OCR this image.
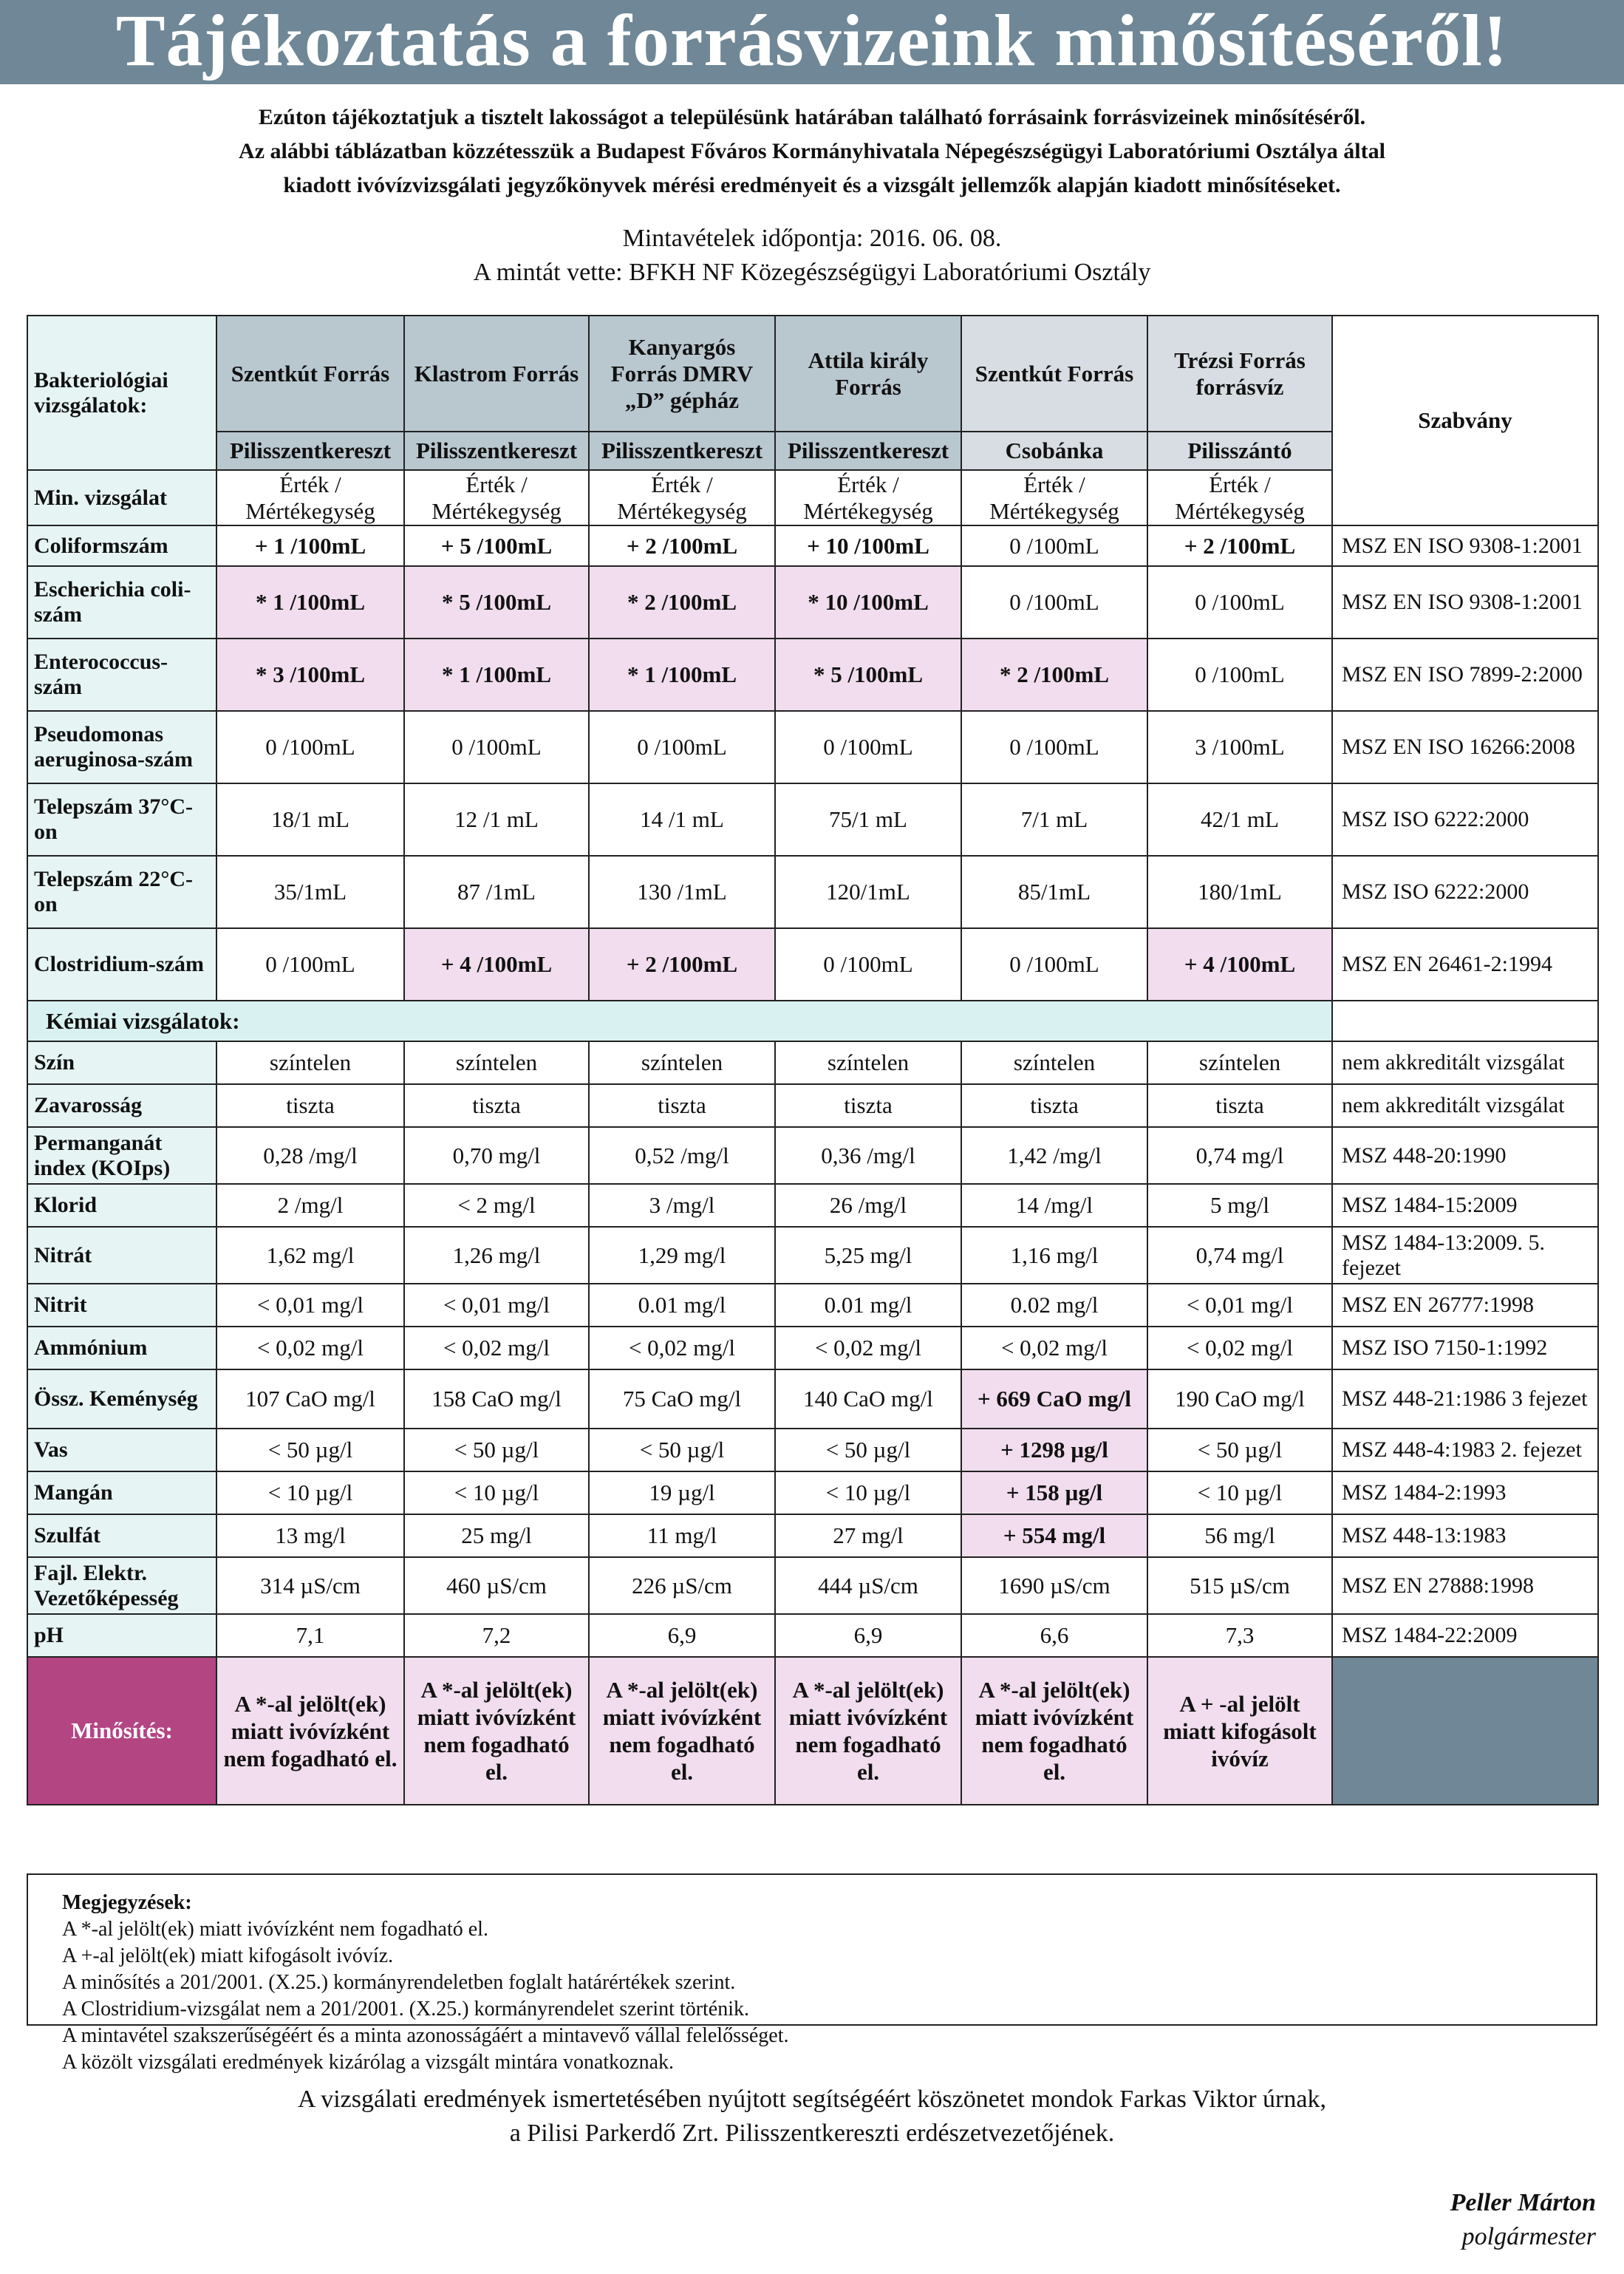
Tájékoztatás a forrásvizeink minősítéséről!
Ezúton tájékoztatjuk a tisztelt lakosságot a településünk határában található forrásaink forrásvizeinek minősítéséről.
Az alábbi táblázatban közzétesszük a Budapest Főváros Kormányhivatala Népegészségügyi Laboratóriumi Osztálya által
kiadott ivóvízvizsgálati jegyzőkönyvek mérési eredményeit és a vizsgált jellemzők alapján kiadott minősítéseket.
Mintavételek időpontja: 2016. 06. 08.
A mintát vette: BFKH NF Közegészségügyi Laboratóriumi Osztály
Bakteriológiai vizsgálatok:	Szentkút Forrás	Klastrom Forrás	Kanyargós Forrás DMRV „D” gépház	Attila király Forrás	Szentkút Forrás	Trézsi Forrás forrásvíz	Szabvány
	Pilisszentkereszt	Pilisszentkereszt	Pilisszentkereszt	Pilisszentkereszt	Csobánka	Pilisszántó	
Min. vizsgálat	Érték / Mértékegység	Érték / Mértékegység	Érték / Mértékegység	Érték / Mértékegység	Érték / Mértékegység	Érték / Mértékegység	
Coliformszám	+ 1 /100mL	+ 5 /100mL	+ 2 /100mL	+ 10 /100mL	0 /100mL	+ 2 /100mL	MSZ EN ISO 9308-1:2001
Escherichia coli-szám	* 1 /100mL	* 5 /100mL	* 2 /100mL	* 10 /100mL	0 /100mL	0 /100mL	MSZ EN ISO 9308-1:2001
Enterococcus-szám	* 3 /100mL	* 1 /100mL	* 1 /100mL	* 5 /100mL	* 2 /100mL	0 /100mL	MSZ EN ISO 7899-2:2000
Pseudomonas aeruginosa-szám	0 /100mL	0 /100mL	0 /100mL	0 /100mL	0 /100mL	3 /100mL	MSZ EN ISO 16266:2008
Telepszám 37°C-on	18/1 mL	12 /1 mL	14 /1 mL	75/1 mL	7/1 mL	42/1 mL	MSZ ISO 6222:2000
Telepszám 22°C-on	35/1mL	87 /1mL	130 /1mL	120/1mL	85/1mL	180/1mL	MSZ ISO 6222:2000
Clostridium-szám	0 /100mL	+ 4 /100mL	+ 2 /100mL	0 /100mL	0 /100mL	+ 4 /100mL	MSZ EN 26461-2:1994
Kémiai vizsgálatok:							
Szín	színtelen	színtelen	színtelen	színtelen	színtelen	színtelen	nem akkreditált vizsgálat
Zavarosság	tiszta	tiszta	tiszta	tiszta	tiszta	tiszta	nem akkreditált vizsgálat
Permanganát index (KOIps)	0,28 /mg/l	0,70 mg/l	0,52 /mg/l	0,36 /mg/l	1,42 /mg/l	0,74 mg/l	MSZ 448-20:1990
Klorid	2 /mg/l	< 2 mg/l	3 /mg/l	26 /mg/l	14 /mg/l	5 mg/l	MSZ 1484-15:2009
Nitrát	1,62 mg/l	1,26 mg/l	1,29 mg/l	5,25 mg/l	1,16 mg/l	0,74 mg/l	MSZ 1484-13:2009. 5. fejezet
Nitrit	< 0,01 mg/l	< 0,01 mg/l	0.01 mg/l	0.01 mg/l	0.02 mg/l	< 0,01 mg/l	MSZ EN 26777:1998
Ammónium	< 0,02 mg/l	< 0,02 mg/l	< 0,02 mg/l	< 0,02 mg/l	< 0,02 mg/l	< 0,02 mg/l	MSZ ISO 7150-1:1992
Össz. Keménység	107 CaO mg/l	158 CaO mg/l	75 CaO mg/l	140 CaO mg/l	+ 669 CaO mg/l	190 CaO mg/l	MSZ 448-21:1986 3 fejezet
Vas	< 50 µg/l	< 50 µg/l	< 50 µg/l	< 50 µg/l	+ 1298 µg/l	< 50 µg/l	MSZ 448-4:1983 2. fejezet
Mangán	< 10 µg/l	< 10 µg/l	19 µg/l	< 10 µg/l	+ 158 µg/l	< 10 µg/l	MSZ 1484-2:1993
Szulfát	13 mg/l	25 mg/l	11 mg/l	27 mg/l	+ 554 mg/l	56 mg/l	MSZ 448-13:1983
Fajl. Elektr. Vezetőképesség	314 µS/cm	460 µS/cm	226 µS/cm	444 µS/cm	1690 µS/cm	515 µS/cm	MSZ EN 27888:1998
pH	7,1	7,2	6,9	6,9	6,6	7,3	MSZ 1484-22:2009
Minősítés:	A *-al jelölt(ek) miatt ivóvízként nem fogadható el.	A *-al jelölt(ek) miatt ivóvízként nem fogadható el.	A *-al jelölt(ek) miatt ivóvízként nem fogadható el.	A *-al jelölt(ek) miatt ivóvízként nem fogadható el.	A *-al jelölt(ek) miatt ivóvízként nem fogadható el.	A + -al jelölt miatt kifogásolt ivóvíz	
Megjegyzések:
A *-al jelölt(ek) miatt ivóvízként nem fogadható el.
A +-al jelölt(ek) miatt kifogásolt ivóvíz.
A minősítés a 201/2001. (X.25.) kormányrendeletben foglalt határértékek szerint.
A Clostridium-vizsgálat nem a 201/2001. (X.25.) kormányrendelet szerint történik.
A mintavétel szakszerűségéért és a minta azonosságáért a mintavevő vállal felelősséget.
A közölt vizsgálati eredmények kizárólag a vizsgált mintára vonatkoznak.
A vizsgálati eredmények ismertetésében nyújtott segítségéért köszönetet mondok Farkas Viktor úrnak,
a Pilisi Parkerdő Zrt. Pilisszentkereszti erdészetvezetőjének.
Peller Márton
polgármester
